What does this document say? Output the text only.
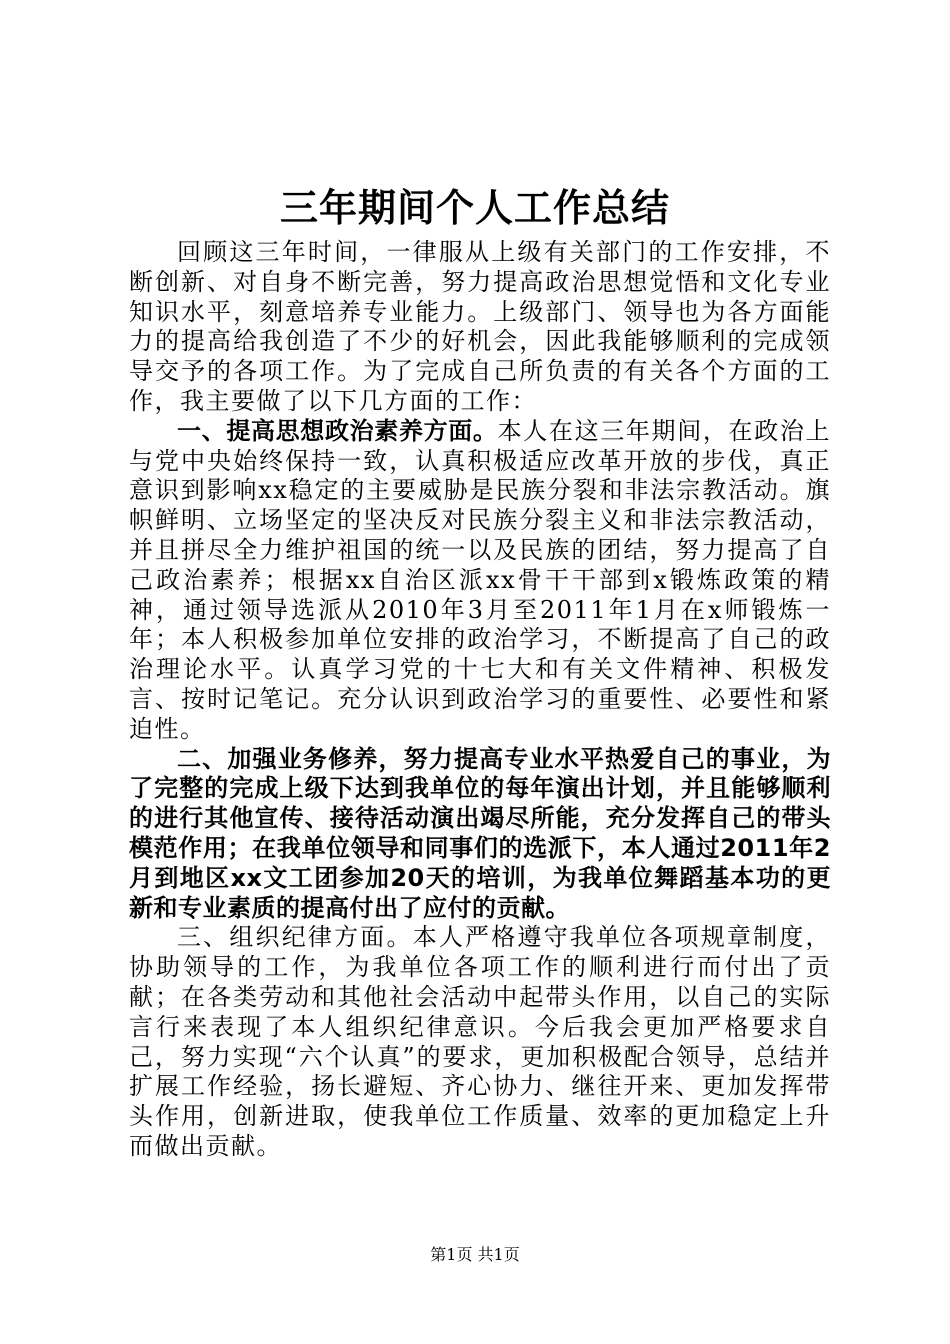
三年期间个人工作总结

回顾这三年时间，一律服从上级有关部门的工作安排，不断创新、对自身不断完善，努力提高政治思想觉悟和文化专业知识水平，刻意培养专业能力。上级部门、领导也为各方面能力的提高给我创造了不少的好机会，因此我能够顺利的完成领导交予的各项工作。为了完成自己所负责的有关各个方面的工作，我主要做了以下几方面的工作：

一、提高思想政治素养方面。本人在这三年期间，在政治上与党中央始终保持一致，认真积极适应改革开放的步伐，真正意识到影响xx稳定的主要威胁是民族分裂和非法宗教活动。旗帜鲜明、立场坚定的坚决反对民族分裂主义和非法宗教活动，并且拼尽全力维护祖国的统一以及民族的团结，努力提高了自己政治素养；根据xx自治区派xx骨干干部到x锻炼政策的精神，通过领导选派从2010年3月至2011年1月在x师锻炼一年；本人积极参加单位安排的政治学习，不断提高了自己的政治理论水平。认真学习党的十七大和有关文件精神、积极发言、按时记笔记。充分认识到政治学习的重要性、必要性和紧迫性。

二、加强业务修养，努力提高专业水平热爱自己的事业，为了完整的完成上级下达到我单位的每年演出计划，并且能够顺利的进行其他宣传、接待活动演出竭尽所能，充分发挥自己的带头模范作用；在我单位领导和同事们的选派下，本人通过2011年2月到地区xx文工团参加20天的培训，为我单位舞蹈基本功的更新和专业素质的提高付出了应付的贡献。

三、组织纪律方面。本人严格遵守我单位各项规章制度，协助领导的工作，为我单位各项工作的顺利进行而付出了贡献；在各类劳动和其他社会活动中起带头作用，以自己的实际言行来表现了本人组织纪律意识。今后我会更加严格要求自己，努力实现“六个认真”的要求，更加积极配合领导，总结并扩展工作经验，扬长避短、齐心协力、继往开来、更加发挥带头作用，创新进取，使我单位工作质量、效率的更加稳定上升而做出贡献。

第1页 共1页
